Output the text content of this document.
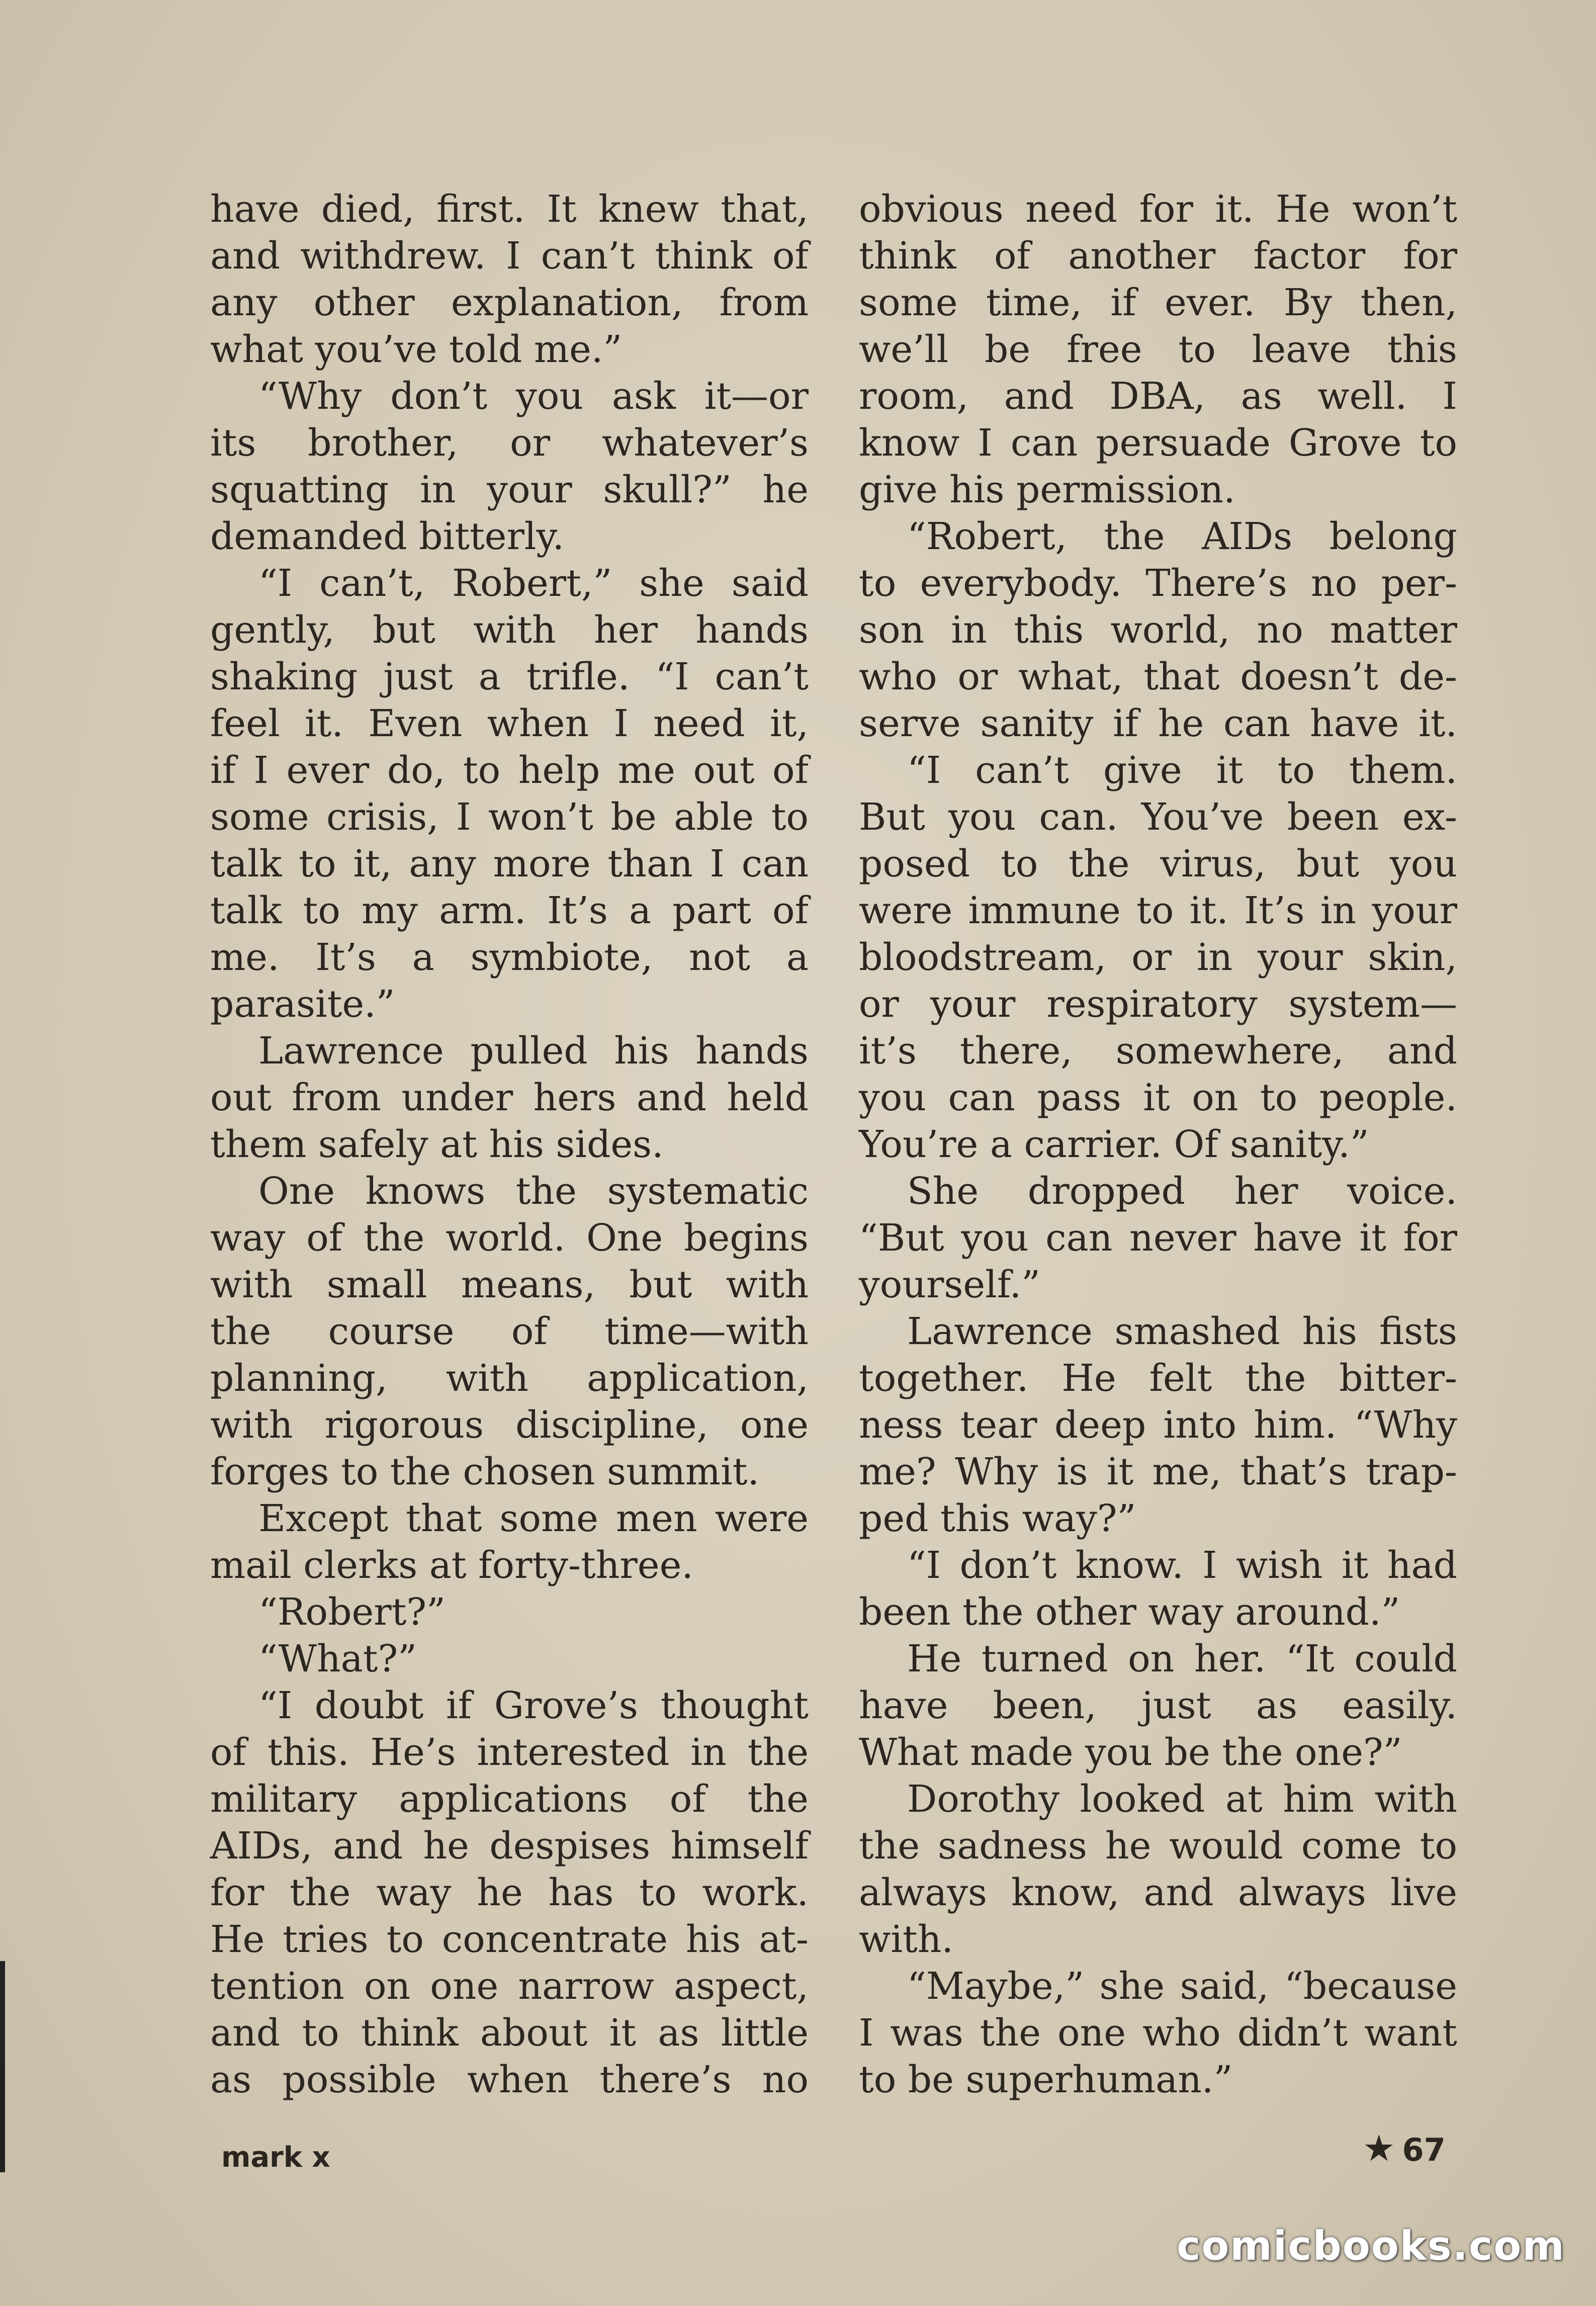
have died, first. It knew that,
and withdrew. I can’t think of
any other explanation, from
what you’ve told me.”
“Why don’t you ask it—or
its brother, or whatever’s
squatting in your skull?” he
demanded bitterly.
“I can’t, Robert,” she said
gently, but with her hands
shaking just a trifle. “I can’t
feel it. Even when I need it,
if I ever do, to help me out of
some crisis, I won’t be able to
talk to it, any more than I can
talk to my arm. It’s a part of
me. It’s a symbiote, not a
parasite.”
Lawrence pulled his hands
out from under hers and held
them safely at his sides.
One knows the systematic
way of the world. One begins
with small means, but with
the course of time—with
planning, with application,
with rigorous discipline, one
forges to the chosen summit.
Except that some men were
mail clerks at forty-three.
“Robert?”
“What?”
“I doubt if Grove’s thought
of this. He’s interested in the
military applications of the
AIDs, and he despises himself
for the way he has to work.
He tries to concentrate his at-
tention on one narrow aspect,
and to think about it as little
as possible when there’s no
obvious need for it. He won’t
think of another factor for
some time, if ever. By then,
we’ll be free to leave this
room, and DBA, as well. I
know I can persuade Grove to
give his permission.
“Robert, the AIDs belong
to everybody. There’s no per-
son in this world, no matter
who or what, that doesn’t de-
serve sanity if he can have it.
“I can’t give it to them.
But you can. You’ve been ex-
posed to the virus, but you
were immune to it. It’s in your
bloodstream, or in your skin,
or your respiratory system—
it’s there, somewhere, and
you can pass it on to people.
You’re a carrier. Of sanity.”
She dropped her voice.
“But you can never have it for
yourself.”
Lawrence smashed his fists
together. He felt the bitter-
ness tear deep into him. “Why
me? Why is it me, that’s trap-
ped this way?”
“I don’t know. I wish it had
been the other way around.”
He turned on her. “It could
have been, just as easily.
What made you be the one?”
Dorothy looked at him with
the sadness he would come to
always know, and always live
with.
“Maybe,” she said, “because
I was the one who didn’t want
to be superhuman.”
mark x	★ 67
comicbooks.com
